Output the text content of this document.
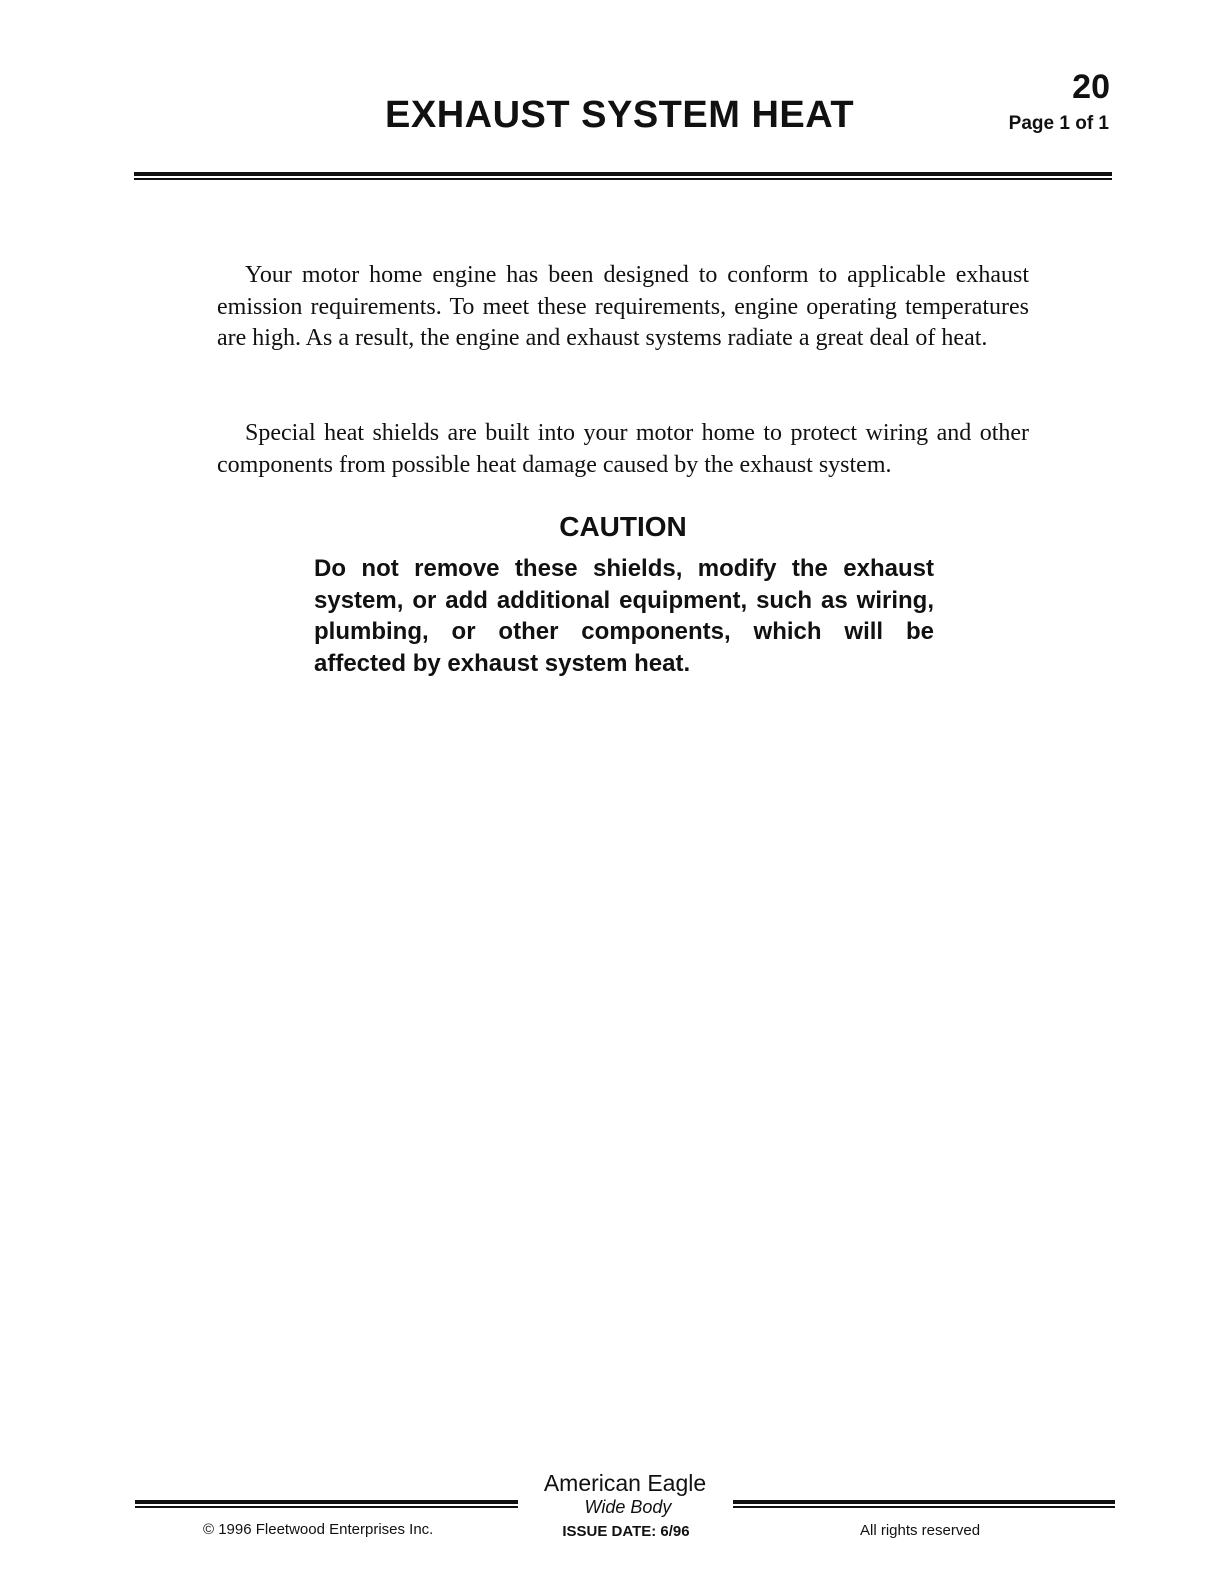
20
Page 1 of 1
EXHAUST SYSTEM HEAT

Your motor home engine has been designed to conform to applicable exhaust emission requirements. To meet these requirements, engine operating temperatures are high. As a result, the engine and exhaust systems radiate a great deal of heat.

Special heat shields are built into your motor home to protect wiring and other components from possible heat damage caused by the exhaust system.

CAUTION

Do not remove these shields, modify the exhaust system, or add additional equipment, such as wiring, plumbing, or other components, which will be affected by exhaust system heat.

American Eagle
Wide Body
ISSUE DATE: 6/96
© 1996 Fleetwood Enterprises Inc.	All rights reserved
